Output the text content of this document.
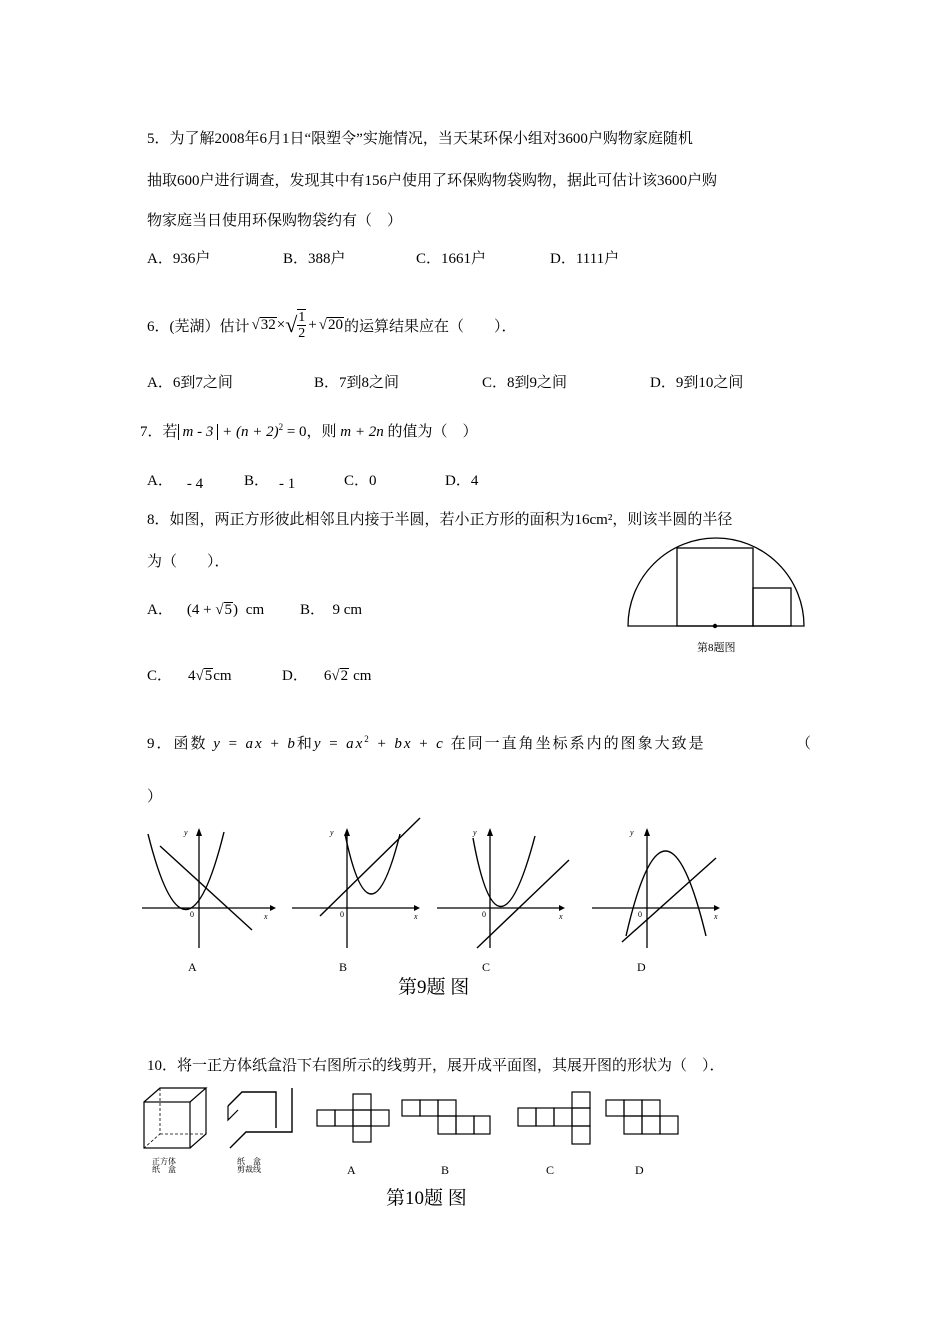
5．为了解2008年6月1日“限塑令”实施情况，当天某环保小组对3600户购物家庭随机
抽取600户进行调查，发现其中有156户使用了环保购物袋购物，据此可估计该3600户购
物家庭当日使用环保购物袋约有（　）
A．936户	B．388户	C．1661户	D．1111户
6．(芜湖）估计 √32 × √ $\frac{1}{2} + √20$ 的运算结果应在（　　）．
A．6到7之间	B．7到8之间	C．8到9之间	D．9到10之间
7．若 $m - 3 + (n + 2)^2 = 0$，则 m + 2n 的值为（　）
A． - 4	B． - 1	C．0	D．4
8．如图，两正方形彼此相邻且内接于半圆，若小正方形的面积为16cm²，则该半圆的半径
为（　　）．
A． (4 + √5) cm B．　9 cm
C． 4√5cm	D． 6√2 cm
第8题图
9．函数 y = ax + b和$y = ax^2$ + bx + c 在同一直角坐标系内的图象大致是	（
）
y
x
0
A
y
x
0
B
y
x
0
C
y
x
0
D
第9题 图
10．将一正方体纸盒沿下右图所示的线剪开，展开成平面图，其展开图的形状为（　）．
正方体
纸　盒
纸　盒
剪裁线	A	B	C	D
第10题 图
